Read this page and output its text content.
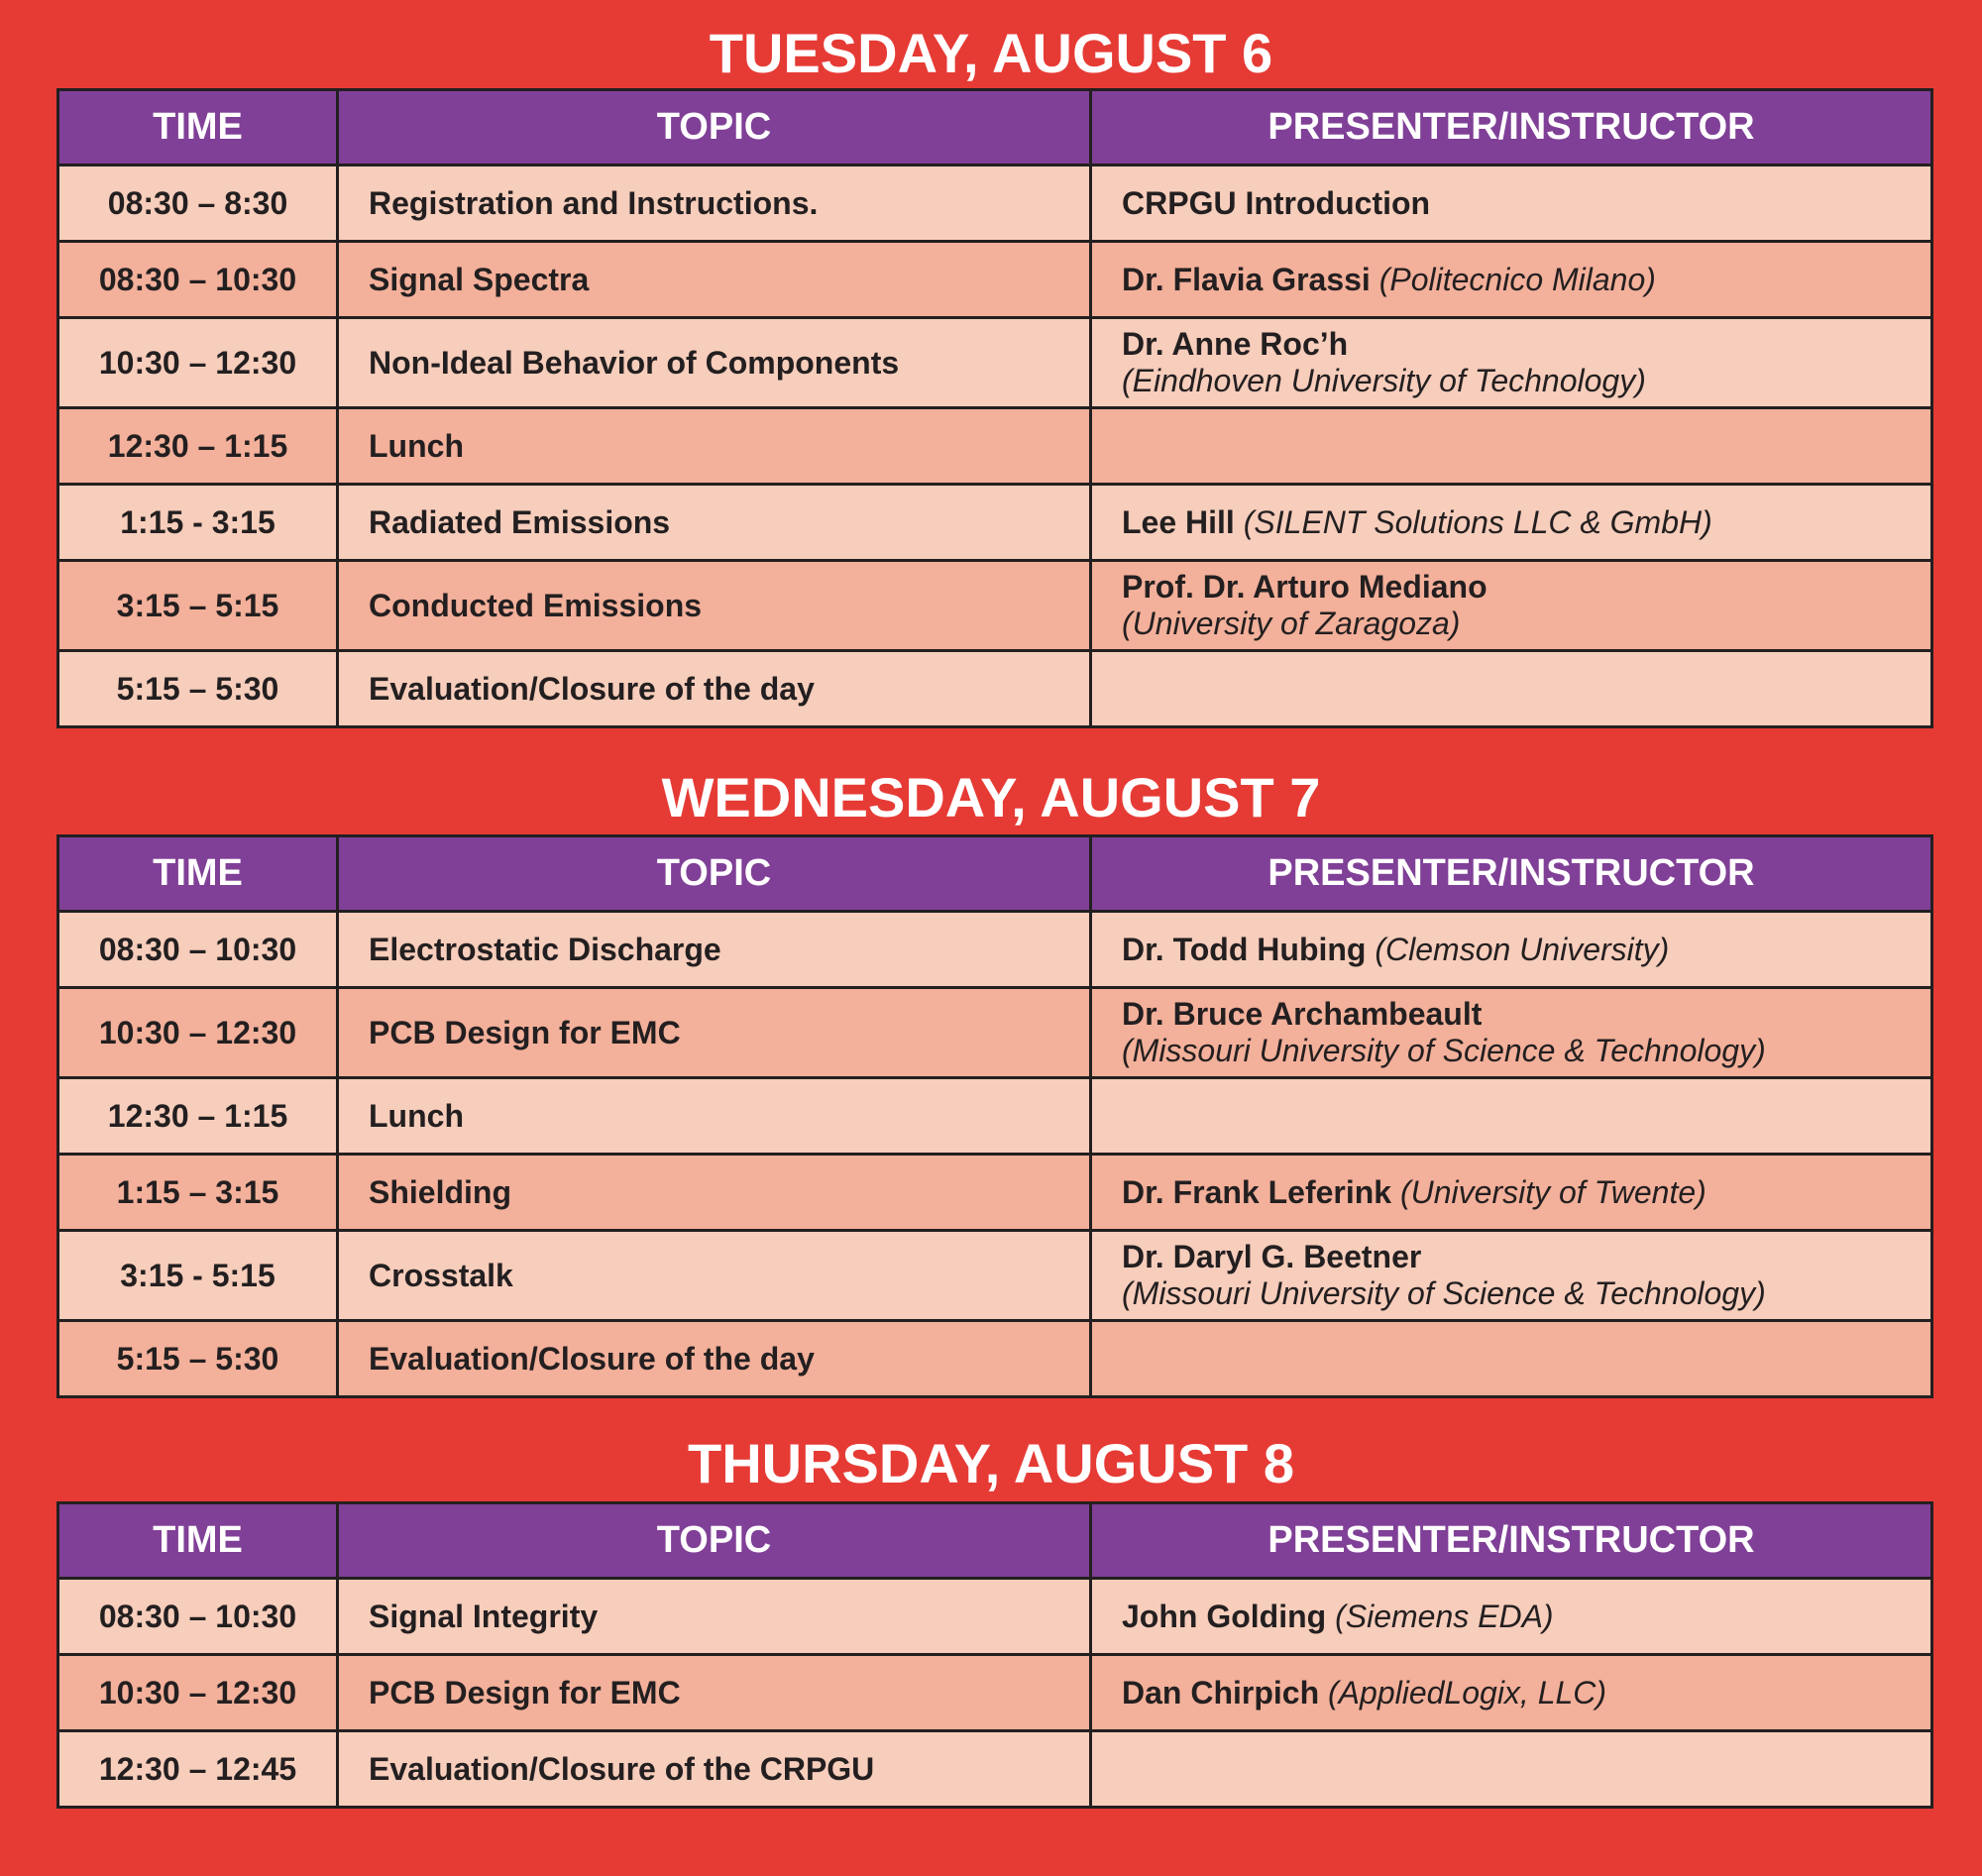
TUESDAY, AUGUST 6
TIME	TOPIC	PRESENTER/INSTRUCTOR
08:30 – 8:30	Registration and Instructions.	CRPGU Introduction
08:30 – 10:30	Signal Spectra	Dr. Flavia Grassi (Politecnico Milano)
10:30 – 12:30	Non-Ideal Behavior of Components	Dr. Anne Roc’h
(Eindhoven University of Technology)

12:30 – 1:15	Lunch	
1:15 - 3:15	Radiated Emissions	Lee Hill (SILENT Solutions LLC & GmbH)
3:15 – 5:15	Conducted Emissions	Prof. Dr. Arturo Mediano
(University of Zaragoza)

5:15 – 5:30	Evaluation/Closure of the day	
WEDNESDAY, AUGUST 7
TIME	TOPIC	PRESENTER/INSTRUCTOR
08:30 – 10:30	Electrostatic Discharge	Dr. Todd Hubing (Clemson University)
10:30 – 12:30	PCB Design for EMC	Dr. Bruce Archambeault
(Missouri University of Science & Technology)

12:30 – 1:15	Lunch	
1:15 – 3:15	Shielding	Dr. Frank Leferink (University of Twente)
3:15 - 5:15	Crosstalk	Dr. Daryl G. Beetner
(Missouri University of Science & Technology)

5:15 – 5:30	Evaluation/Closure of the day	
THURSDAY, AUGUST 8
TIME	TOPIC	PRESENTER/INSTRUCTOR
08:30 – 10:30	Signal Integrity	John Golding (Siemens EDA)
10:30 – 12:30	PCB Design for EMC	Dan Chirpich (AppliedLogix, LLC)
12:30 – 12:45	Evaluation/Closure of the CRPGU	
